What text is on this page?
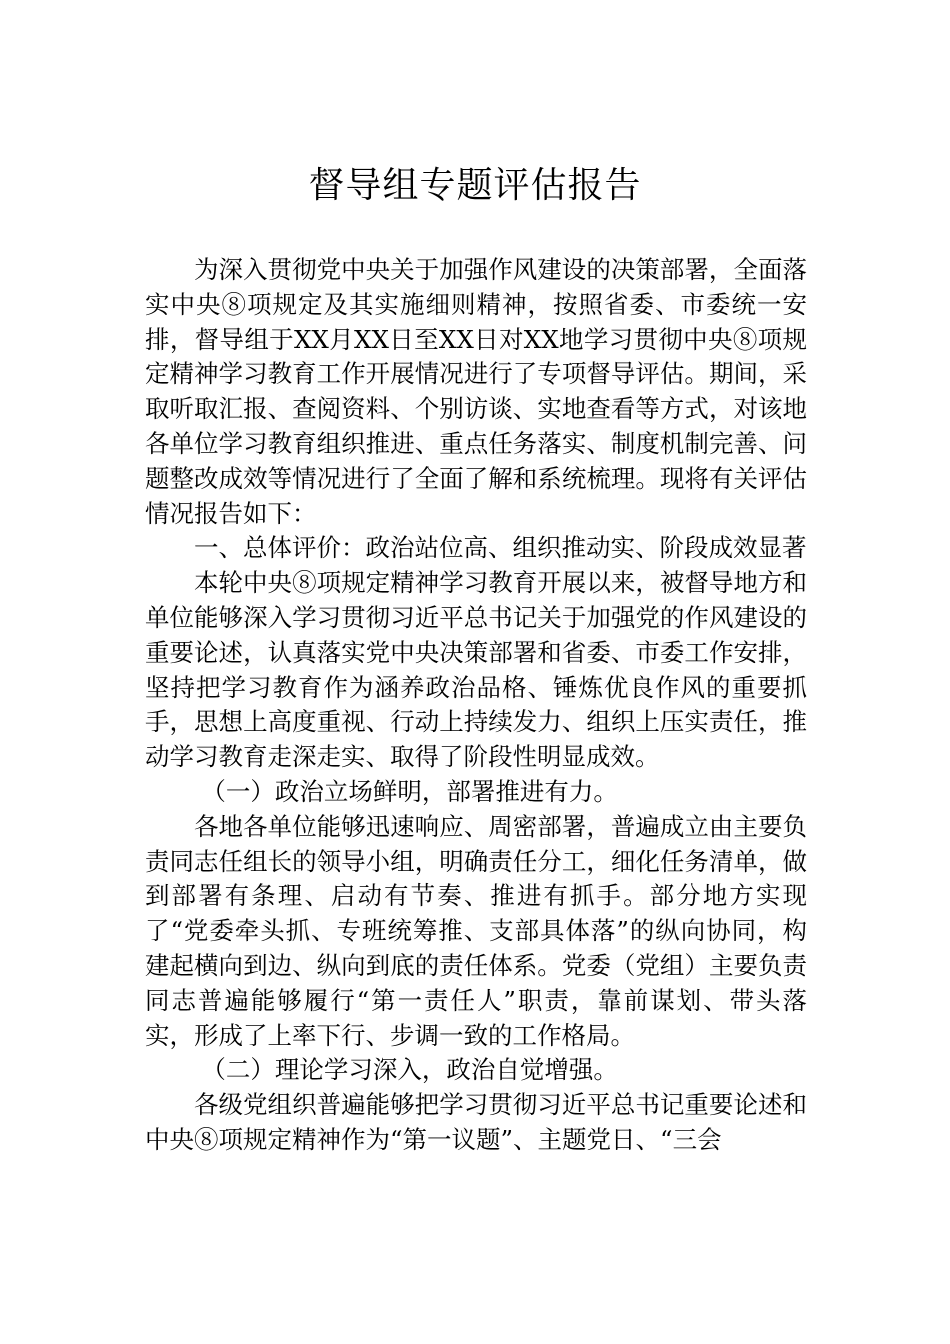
督导组专题评估报告

为深入贯彻党中央关于加强作风建设的决策部署，全面落实中央⑧项规定及其实施细则精神，按照省委、市委统一安排，督导组于XX月XX日至XX日对XX地学习贯彻中央⑧项规定精神学习教育工作开展情况进行了专项督导评估。期间，采取听取汇报、查阅资料、个别访谈、实地查看等方式，对该地各单位学习教育组织推进、重点任务落实、制度机制完善、问题整改成效等情况进行了全面了解和系统梳理。现将有关评估情况报告如下：

一、总体评价：政治站位高、组织推动实、阶段成效显著

本轮中央⑧项规定精神学习教育开展以来，被督导地方和单位能够深入学习贯彻习近平总书记关于加强党的作风建设的重要论述，认真落实党中央决策部署和省委、市委工作安排，坚持把学习教育作为涵养政治品格、锤炼优良作风的重要抓手，思想上高度重视、行动上持续发力、组织上压实责任，推动学习教育走深走实、取得了阶段性明显成效。

（一）政治立场鲜明，部署推进有力。

各地各单位能够迅速响应、周密部署，普遍成立由主要负责同志任组长的领导小组，明确责任分工，细化任务清单，做到部署有条理、启动有节奏、推进有抓手。部分地方实现了“党委牵头抓、专班统筹推、支部具体落”的纵向协同，构建起横向到边、纵向到底的责任体系。党委（党组）主要负责同志普遍能够履行“第一责任人”职责，靠前谋划、带头落实，形成了上率下行、步调一致的工作格局。

（二）理论学习深入，政治自觉增强。

各级党组织普遍能够把学习贯彻习近平总书记重要论述和中央⑧项规定精神作为“第一议题”、主题党日、“三会
